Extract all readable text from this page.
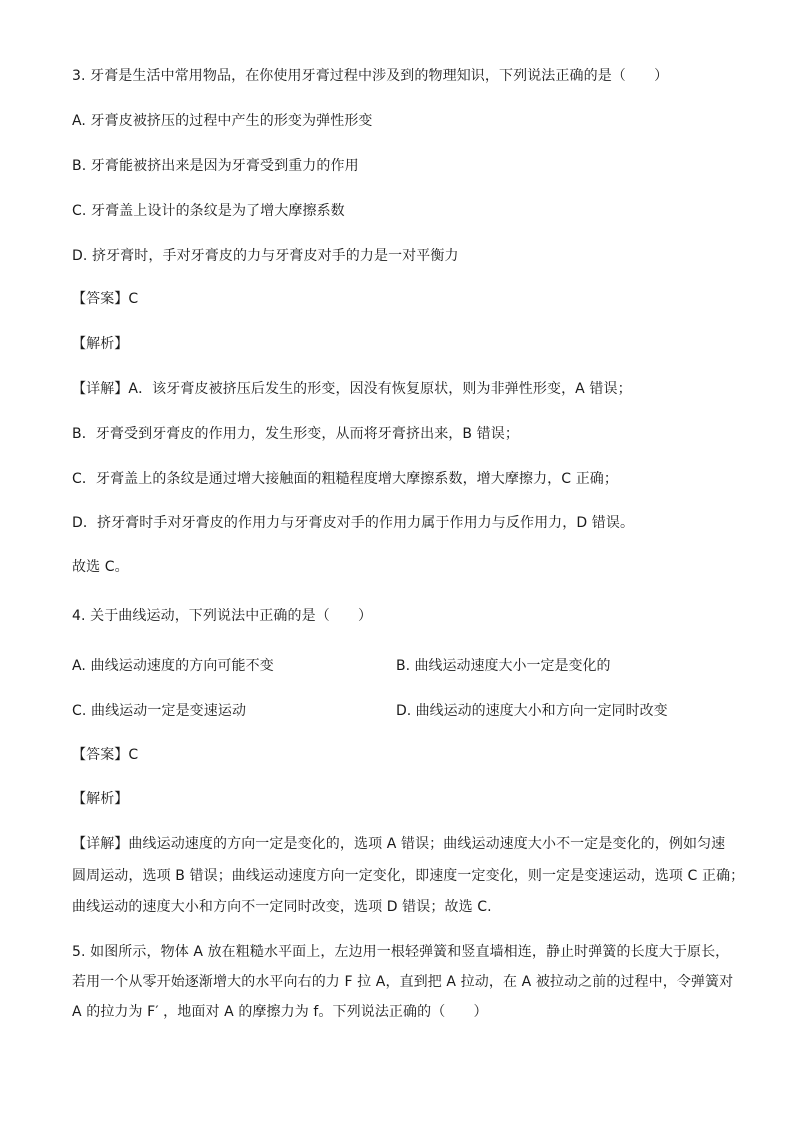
3. 牙膏是生活中常用物品，在你使用牙膏过程中涉及到的物理知识，下列说法正确的是（　　）
A. 牙膏皮被挤压的过程中产生的形变为弹性形变
B. 牙膏能被挤出来是因为牙膏受到重力的作用
C. 牙膏盖上设计的条纹是为了增大摩擦系数
D. 挤牙膏时，手对牙膏皮的力与牙膏皮对手的力是一对平衡力
【答案】C
【解析】
【详解】A．该牙膏皮被挤压后发生的形变，因没有恢复原状，则为非弹性形变，A 错误；
B．牙膏受到牙膏皮的作用力，发生形变，从而将牙膏挤出来，B 错误；
C．牙膏盖上的条纹是通过增大接触面的粗糙程度增大摩擦系数，增大摩擦力，C 正确；
D．挤牙膏时手对牙膏皮的作用力与牙膏皮对手的作用力属于作用力与反作用力，D 错误。
故选 C。
4. 关于曲线运动，下列说法中正确的是（　　）
A. 曲线运动速度的方向可能不变	B. 曲线运动速度大小一定是变化的
C. 曲线运动一定是变速运动	D. 曲线运动的速度大小和方向一定同时改变
【答案】C
【解析】
【详解】曲线运动速度的方向一定是变化的，选项 A 错误；曲线运动速度大小不一定是变化的，例如匀速
圆周运动，选项 B 错误；曲线运动速度方向一定变化，即速度一定变化，则一定是变速运动，选项 C 正确；
曲线运动的速度大小和方向不一定同时改变，选项 D 错误；故选 C.
5. 如图所示，物体 A 放在粗糙水平面上，左边用一根轻弹簧和竖直墙相连，静止时弹簧的长度大于原长，
若用一个从零开始逐渐增大的水平向右的力 F 拉 A，直到把 A 拉动，在 A 被拉动之前的过程中，令弹簧对
A 的拉力为 F′ ，地面对 A 的摩擦力为 f。下列说法正确的（　　）
